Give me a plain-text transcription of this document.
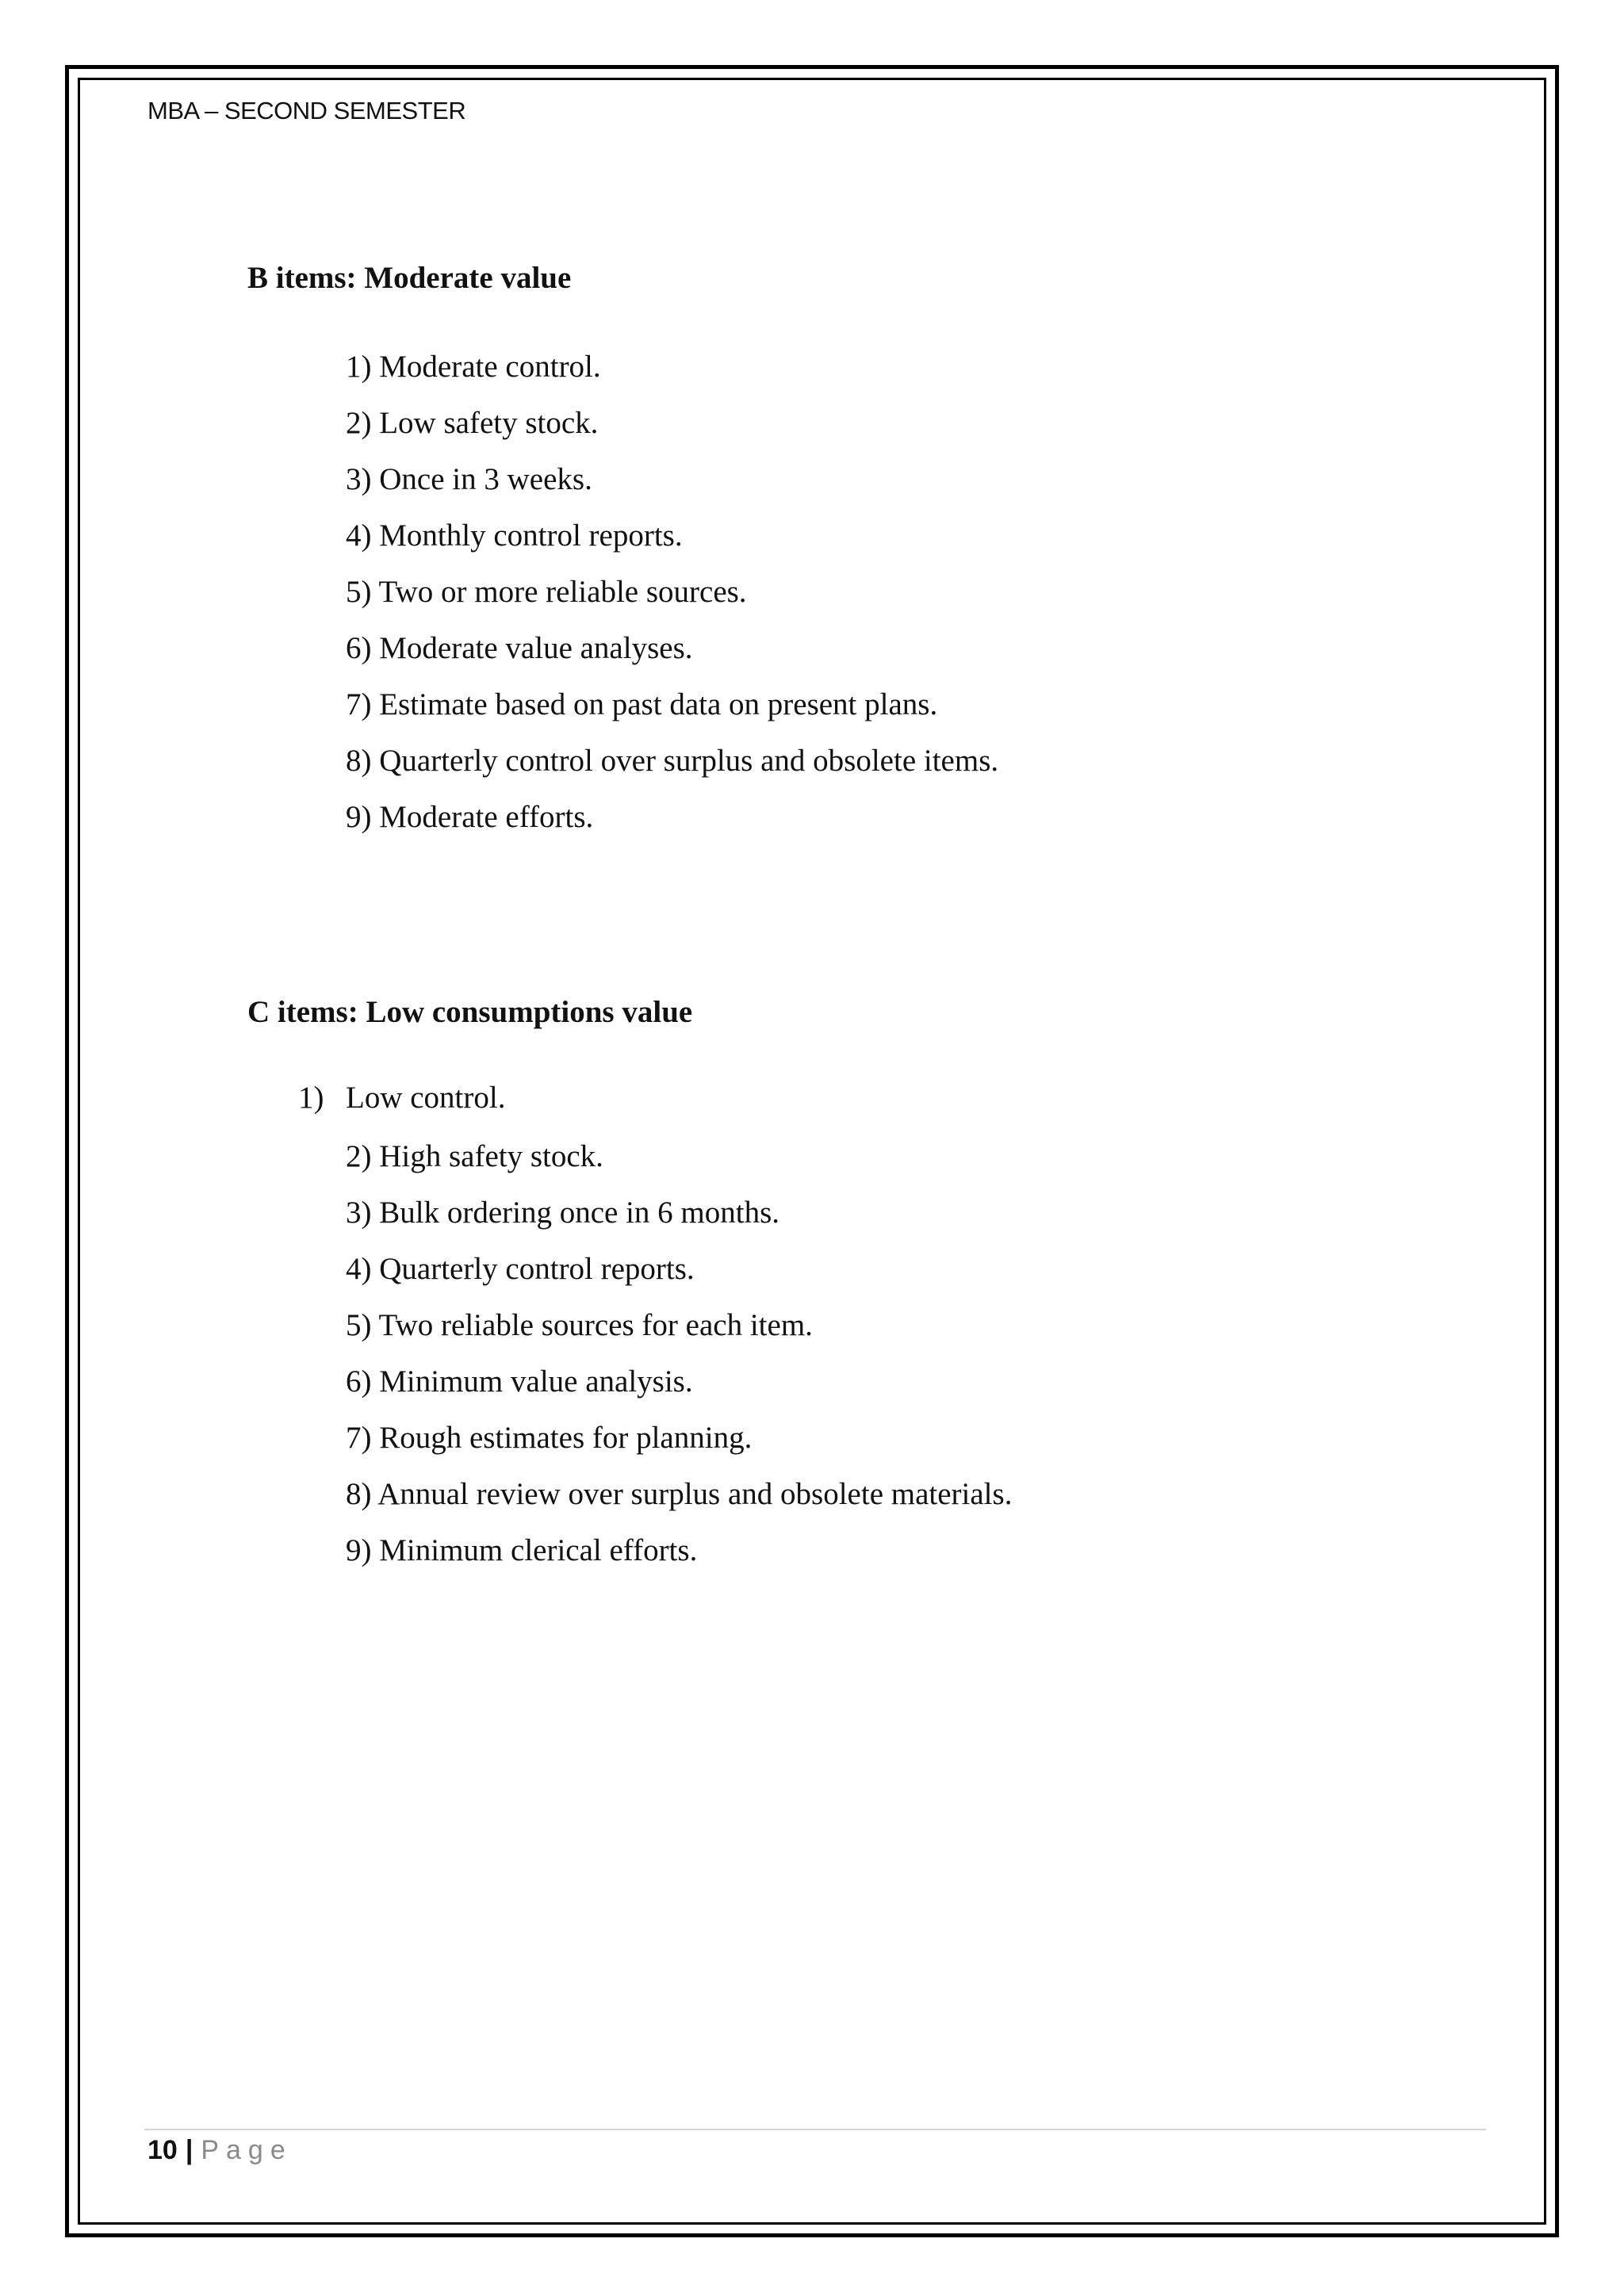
MBA – SECOND SEMESTER
B items: Moderate value
1) Moderate control.
2) Low safety stock.
3) Once in 3 weeks.
4) Monthly control reports.
5) Two or more reliable sources.
6) Moderate value analyses.
7) Estimate based on past data on present plans.
8) Quarterly control over surplus and obsolete items.
9) Moderate efforts.
C items: Low consumptions value
1) Low control.
2) High safety stock.
3) Bulk ordering once in 6 months.
4) Quarterly control reports.
5) Two reliable sources for each item.
6) Minimum value analysis.
7) Rough estimates for planning.
8) Annual review over surplus and obsolete materials.
9) Minimum clerical efforts.
10 | Page
